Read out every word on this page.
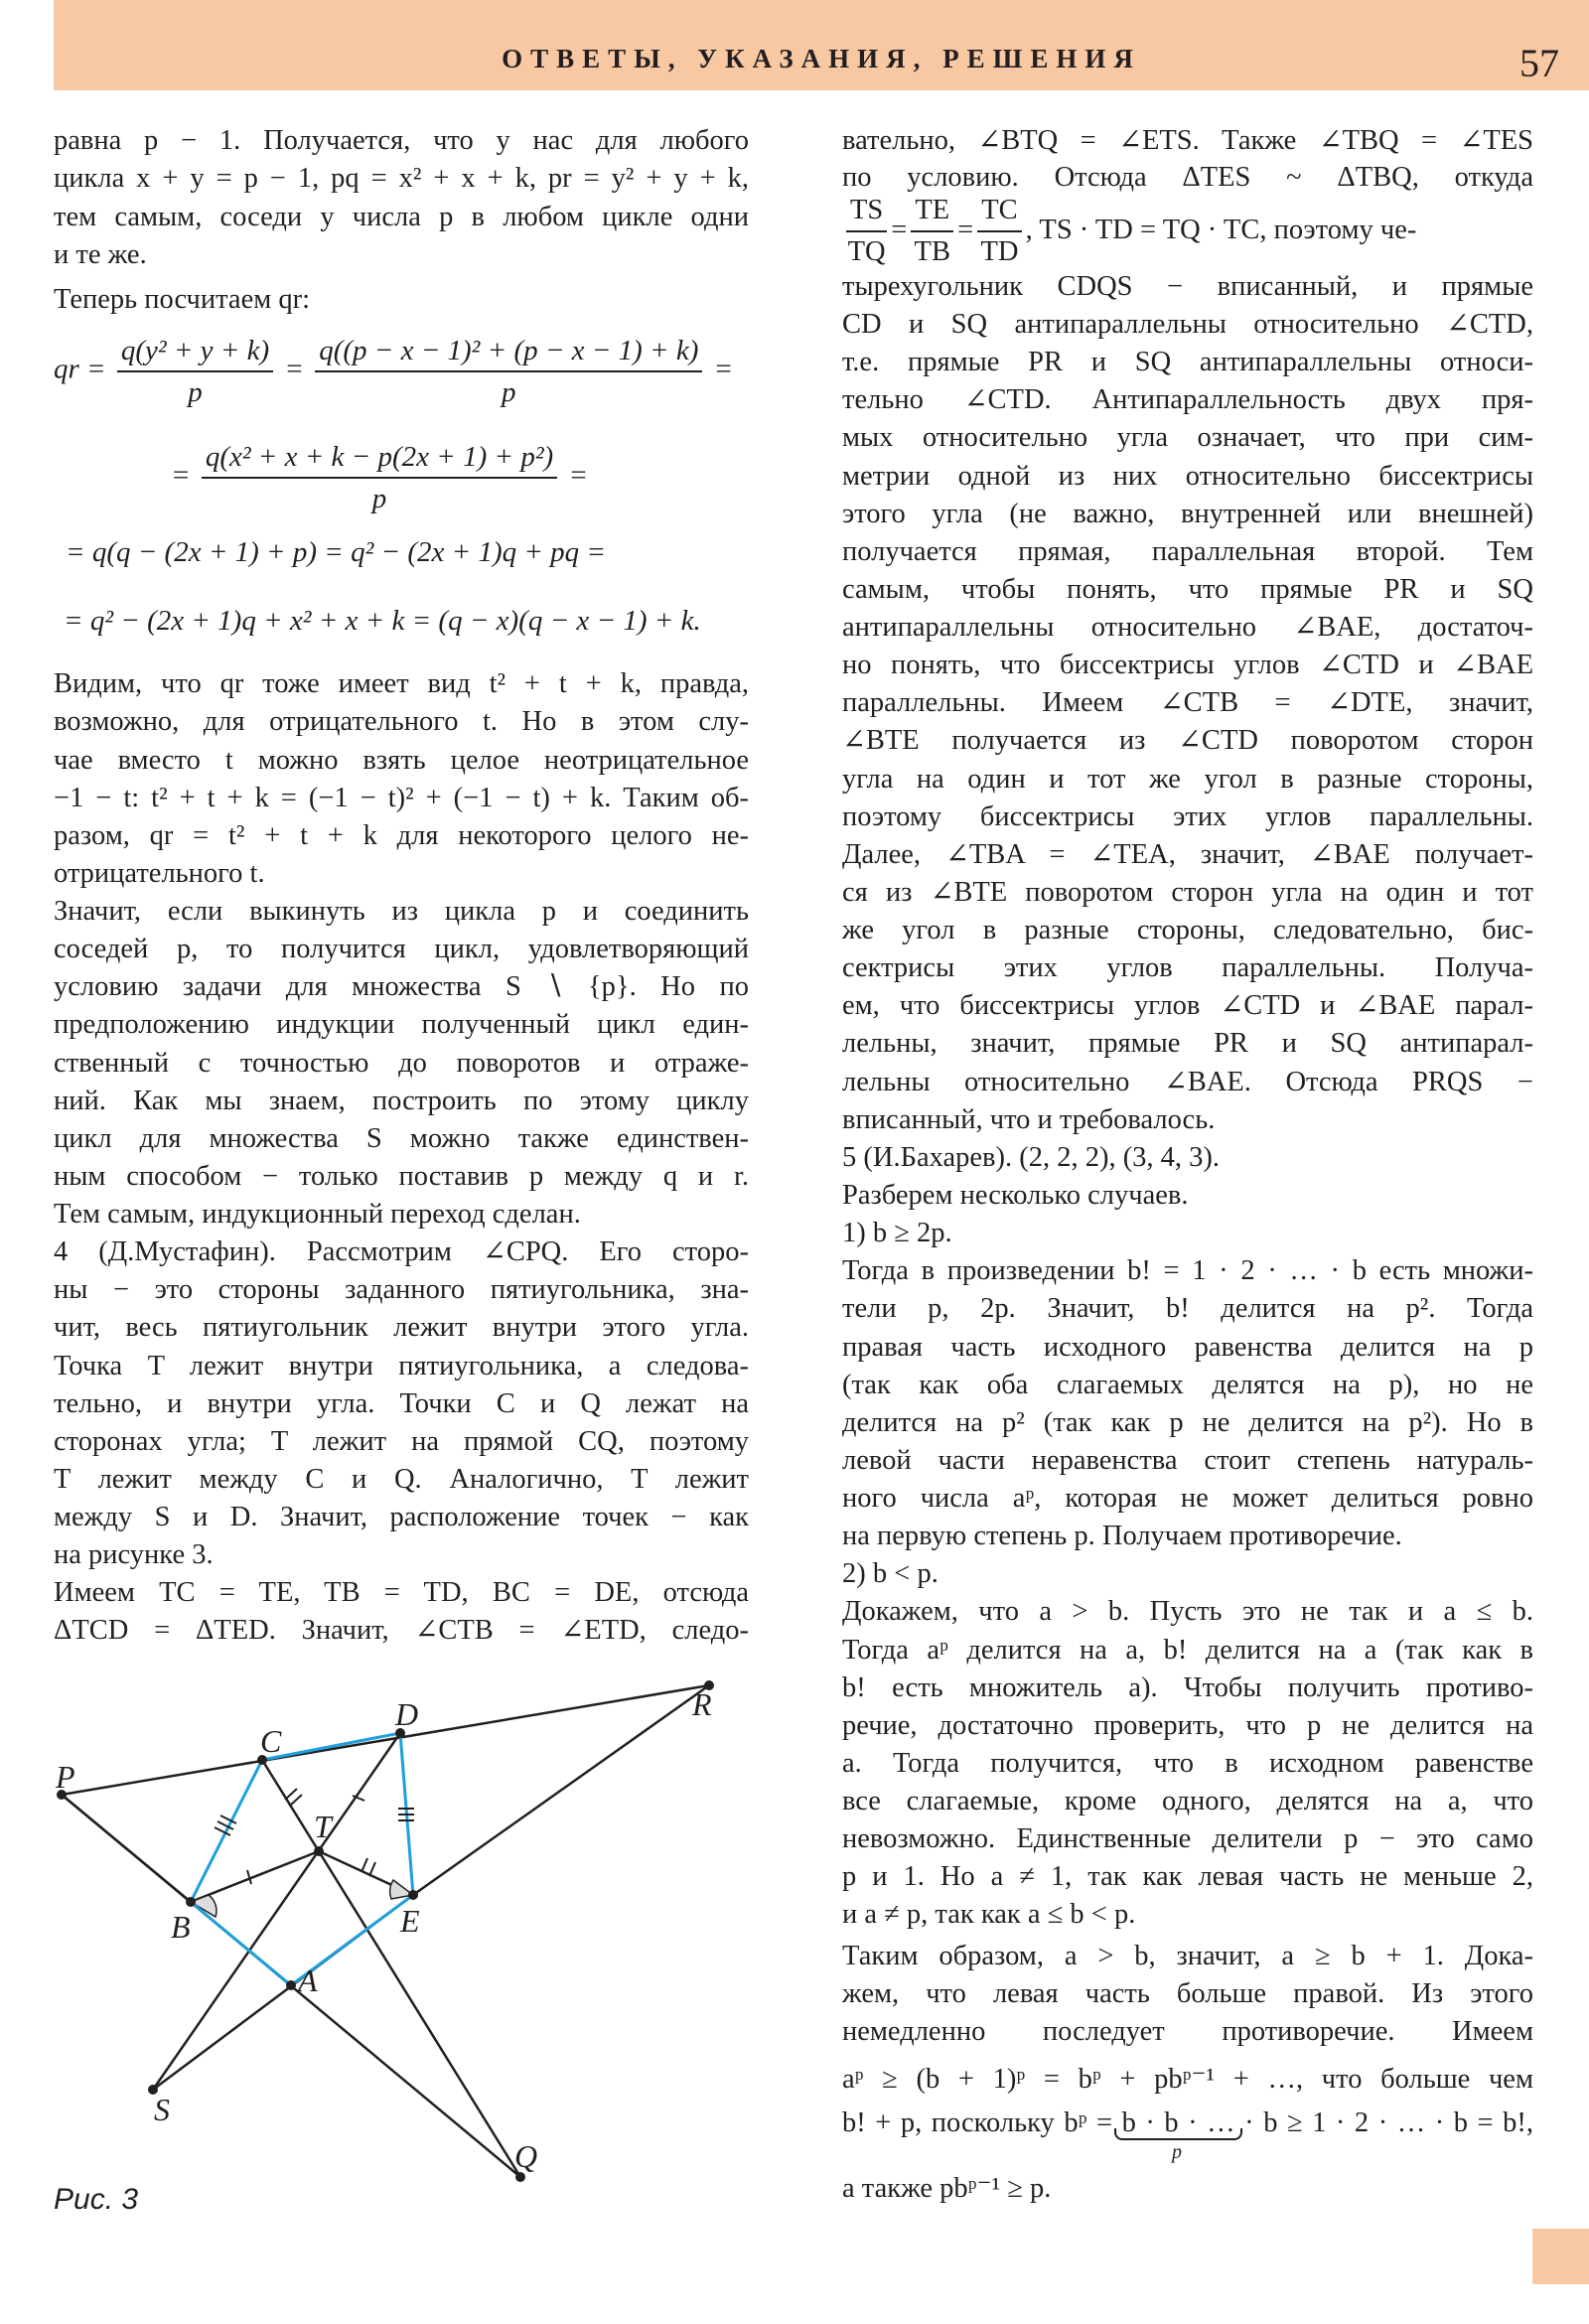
ОТВЕТЫ, УКАЗАНИЯ, РЕШЕНИЯ	57
равна p − 1. Получается, что у нас для любого
цикла x + y = p − 1, pq = x² + x + k, pr = y² + y + k,
тем самым, соседи у числа p в любом цикле одни
и те же.
Теперь посчитаем qr:
Видим, что qr тоже имеет вид t² + t + k, правда,
возможно, для отрицательного t. Но в этом слу-
чае вместо t можно взять целое неотрицательное
−1 − t: t² + t + k = (−1 − t)² + (−1 − t) + k. Таким об-
разом, qr = t² + t + k для некоторого целого не-
отрицательного t.
Значит, если выкинуть из цикла p и соединить
соседей p, то получится цикл, удовлетворяющий
условию задачи для множества S ∖ {p}. Но по
предположению индукции полученный цикл един-
ственный с точностью до поворотов и отраже-
ний. Как мы знаем, построить по этому циклу
цикл для множества S можно также единствен-
ным способом − только поставив p между q и r.
Тем самым, индукционный переход сделан.
4 (Д.Мустафин). Рассмотрим ∠CPQ. Его сторо-
ны − это стороны заданного пятиугольника, зна-
чит, весь пятиугольник лежит внутри этого угла.
Точка T лежит внутри пятиугольника, а следова-
тельно, и внутри угла. Точки C и Q лежат на
сторонах угла; T лежит на прямой CQ, поэтому
T лежит между C и Q. Аналогично, T лежит
между S и D. Значит, расположение точек − как
на рисунке 3.
Имеем TC = TE, TB = TD, BC = DE, отсюда
ΔTCD = ΔTED. Значит, ∠CTB = ∠ETD, следо-
qr = $\frac{\text{q(y² + y + k)}}{p} = \frac{\text{q((p − x − 1)² + (p − x − 1) + k)}}{p}$ =
= $\frac{\text{q(x² + x + k − p(2x + 1) + p²)}}{p}$ =
= q(q − (2x + 1) + p) = q² − (2x + 1)q + pq =
= q² − (2x + 1)q + x² + x + k = (q − x)(q − x − 1) + k.
P
C
D	R
T
B	E
A
S
Q
Рис. 3
вательно, ∠BTQ = ∠ETS. Также ∠TBQ = ∠TES
по условию. Отсюда ΔTES ~ ΔTBQ, откуда
$\frac{TS}{TQ} = \frac{TE}{TB} = \frac{TC}{TD}$ , TS · TD = TQ · TC, поэтому че-
тырехугольник CDQS − вписанный, и прямые
CD и SQ антипараллельны относительно ∠CTD,
т.е. прямые PR и SQ антипараллельны относи-
тельно ∠CTD. Антипараллельность двух пря-
мых относительно угла означает, что при сим-
метрии одной из них относительно биссектрисы
этого угла (не важно, внутренней или внешней)
получается прямая, параллельная второй. Тем
самым, чтобы понять, что прямые PR и SQ
антипараллельны относительно ∠BAE, достаточ-
но понять, что биссектрисы углов ∠CTD и ∠BAE
параллельны. Имеем ∠CTB = ∠DTE, значит,
∠BTE получается из ∠CTD поворотом сторон
угла на один и тот же угол в разные стороны,
поэтому биссектрисы этих углов параллельны.
Далее, ∠TBA = ∠TEA, значит, ∠BAE получает-
ся из ∠BTE поворотом сторон угла на один и тот
же угол в разные стороны, следовательно, бис-
сектрисы этих углов параллельны. Получа-
ем, что биссектрисы углов ∠CTD и ∠BAE парал-
лельны, значит, прямые PR и SQ антипарал-
лельны относительно ∠BAE. Отсюда PRQS −
вписанный, что и требовалось.
5 (И.Бахарев). (2, 2, 2), (3, 4, 3).
Разберем несколько случаев.
1) b ≥ 2p.
Тогда в произведении b! = 1 · 2 · … · b есть множи-
тели p, 2p. Значит, b! делится на p². Тогда
правая часть исходного равенства делится на p
(так как оба слагаемых делятся на p), но не
делится на p² (так как p не делится на p²). Но в
левой части неравенства стоит степень натураль-
ного числа aᵖ, которая не может делиться ровно
на первую степень p. Получаем противоречие.
2) b < p.
Докажем, что a > b. Пусть это не так и a ≤ b.
Тогда aᵖ делится на a, b! делится на a (так как в
b! есть множитель a). Чтобы получить противо-
речие, достаточно проверить, что p не делится на
a. Тогда получится, что в исходном равенстве
все слагаемые, кроме одного, делятся на a, что
невозможно. Единственные делители p − это само
p и 1. Но a ≠ 1, так как левая часть не меньше 2,
и a ≠ p, так как a ≤ b < p.
Таким образом, a > b, значит, a ≥ b + 1. Дока-
жем, что левая часть больше правой. Из этого
немедленно последует противоречие. Имеем
aᵖ ≥ (b + 1)ᵖ = bᵖ + pbᵖ⁻¹ + …, что больше чем
b! + p, поскольку bᵖ = b · b · … · b ≥ 1 · 2 · … · b = b!,
а также pbᵖ⁻¹ ≥ p.
p
